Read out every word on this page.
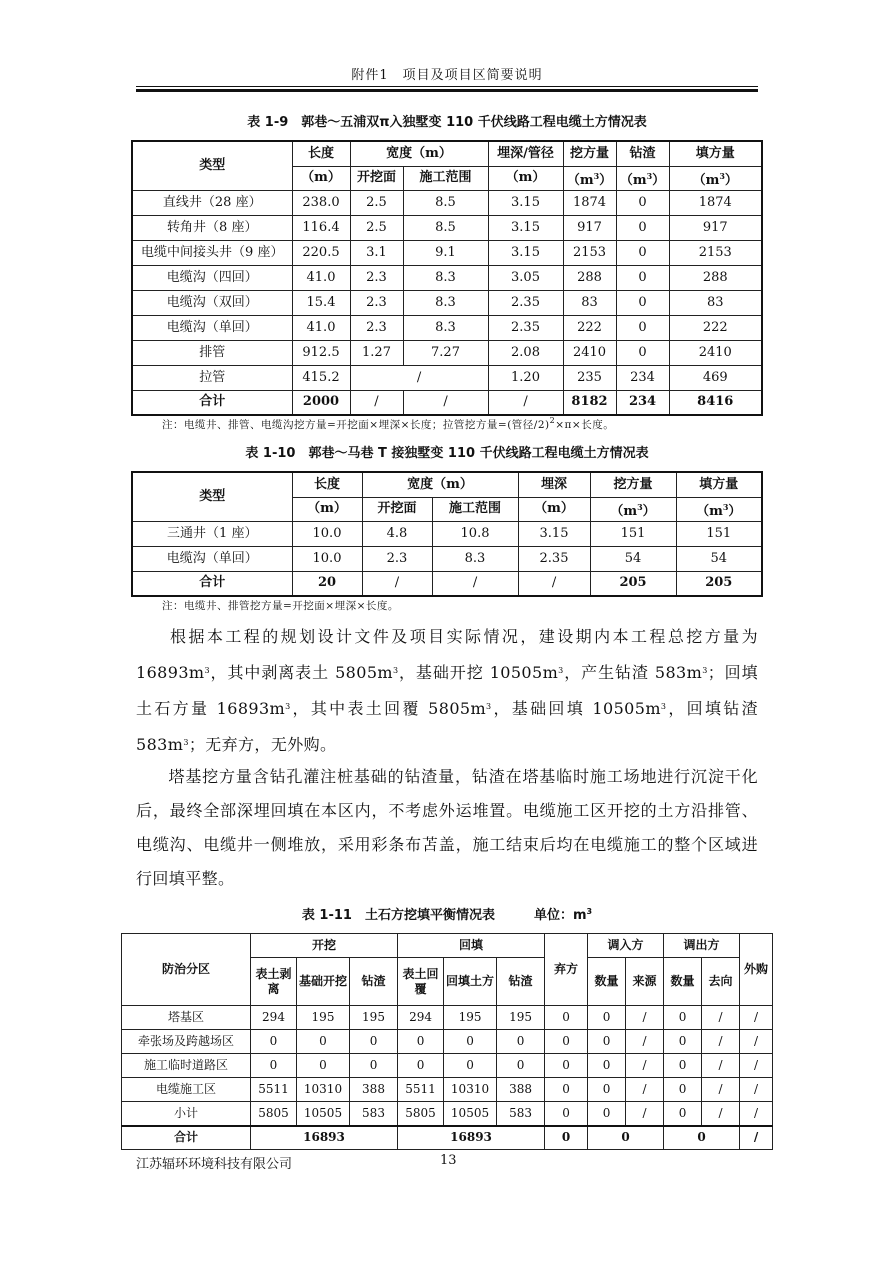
附件1　项目及项目区简要说明
表 1-9　郭巷～五浦双π入独墅变 110 千伏线路工程电缆土方情况表
类型	长度	宽度（m）		埋深/管径	挖方量	钻渣	填方量
	（m）	开挖面	施工范围	（m）	$(m^3)$	$(m^3)$	$(m^3)$
直线井（28 座）	238.0	2.5	8.5	3.15	1874	0	1874
转角井（8 座）	116.4	2.5	8.5	3.15	917	0	917
电缆中间接头井（9 座）	220.5	3.1	9.1	3.15	2153	0	2153
电缆沟（四回）	41.0	2.3	8.3	3.05	288	0	288
电缆沟（双回）	15.4	2.3	8.3	2.35	83	0	83
电缆沟（单回）	41.0	2.3	8.3	2.35	222	0	222
排管	912.5	1.27	7.27	2.08	2410	0	2410
拉管	415.2	/		1.20	235	234	469
合计	2000	/	/	/	8182	234	8416
注：电缆井、排管、电缆沟挖方量=开挖面×埋深×长度；拉管挖方量=(管径/2)$^2$×π×长度。
表 1-10　郭巷～马巷 T 接独墅变 110 千伏线路工程电缆土方情况表
类型	长度	宽度（m）		埋深	挖方量	填方量
	（m）	开挖面	施工范围	（m）	$(m^3)$	$(m^3)$
三通井（1 座）	10.0	4.8	10.8	3.15	151	151
电缆沟（单回）	10.0	2.3	8.3	2.35	54	54
合计	20	/	/	/	205	205
注：电缆井、排管挖方量=开挖面×埋深×长度。
根据本工程的规划设计文件及项目实际情况，建设期内本工程总挖方量为 $16893m^3$，其中剥离表土 $5805m^3$，基础开挖 $10505m^3$，产生钻渣 $583m^3$；回填土石方量 $16893m^3$，其中表土回覆 $5805m^3$，基础回填 $10505m^3$，回填钻渣 $583m^3$；无弃方，无外购。
塔基挖方量含钻孔灌注桩基础的钻渣量，钻渣在塔基临时施工场地进行沉淀干化后，最终全部深埋回填在本区内，不考虑外运堆置。电缆施工区开挖的土方沿排管、电缆沟、电缆井一侧堆放，采用彩条布苫盖，施工结束后均在电缆施工的整个区域进行回填平整。
表 1-11　土石方挖填平衡情况表　　　单位：$m^3$
防治分区	开挖			回填			弃方	调入方		调出方		外购
	表土剥离	基础开挖	钻渣	表土回覆	回填土方	钻渣		数量	来源	数量	去向	

塔基区	294	195	195	294	195	195	0	0	/	0	/	/
牵张场及跨越场区	0	0	0	0	0	0	0	0	/	0	/	/
施工临时道路区	0	0	0	0	0	0	0	0	/	0	/	/
电缆施工区	5511	10310	388	5511	10310	388	0	0	/	0	/	/
小计	5805	10505	583	5805	10505	583	0	0	/	0	/	/
合计	16893			16893			0	0		0		/
江苏辐环环境科技有限公司	13
